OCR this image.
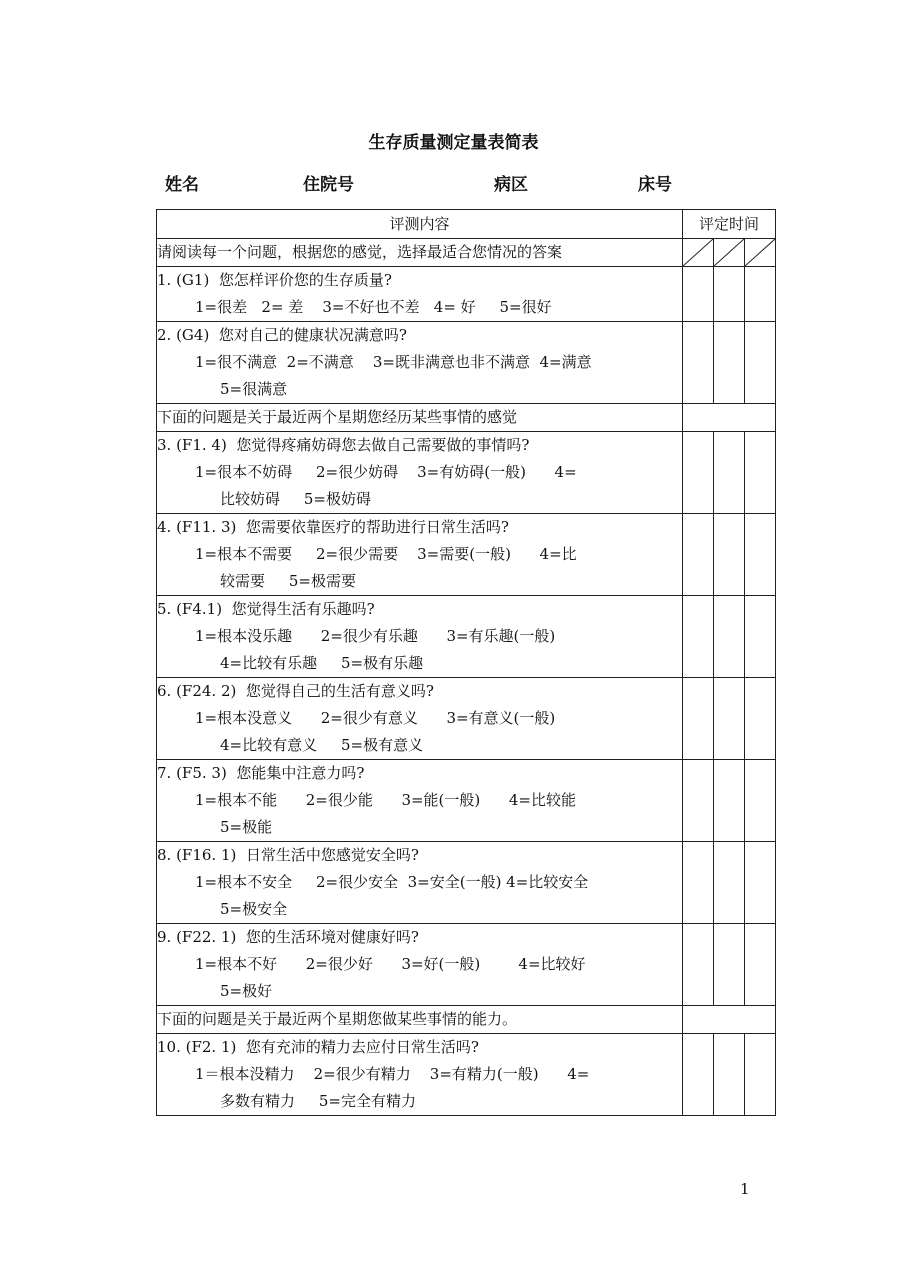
生存质量测定量表简表
姓名	住院号	病区	床号
评测内容	评定时间		
请阅读每一个问题，根据您的感觉，选择最适合您情况的答案	

1. (G1)  您怎样评价您的生存质量?
1=很差   2= 差    3=不好也不差   4= 好     5=很好			

2. (G4)  您对自己的健康状况满意吗?
1=很不满意  2=不满意    3=既非满意也非不满意  4=满意
5=很满意			

下面的问题是关于最近两个星期您经历某些事情的感觉			

3. (F1. 4)  您觉得疼痛妨碍您去做自己需要做的事情吗?
1=很本不妨碍     2=很少妨碍    3=有妨碍(一般)      4=
比较妨碍     5=极妨碍			

4. (F11. 3)  您需要依靠医疗的帮助进行日常生活吗?
1=根本不需要     2=很少需要    3=需要(一般)      4=比
较需要     5=极需要			

5. (F4.1)  您觉得生活有乐趣吗?
1=根本没乐趣      2=很少有乐趣      3=有乐趣(一般)
4=比较有乐趣     5=极有乐趣			

6. (F24. 2)  您觉得自己的生活有意义吗?
1=根本没意义      2=很少有意义      3=有意义(一般)
4=比较有意义     5=极有意义			

7. (F5. 3)  您能集中注意力吗?
1=根本不能      2=很少能      3=能(一般)      4=比较能
5=极能			

8. (F16. 1)  日常生活中您感觉安全吗?
1=根本不安全     2=很少安全  3=安全(一般) 4=比较安全
5=极安全			

9. (F22. 1)  您的生活环境对健康好吗?
1=根本不好      2=很少好      3=好(一般)        4=比较好
5=极好			

下面的问题是关于最近两个星期您做某些事情的能力。			

10. (F2. 1)  您有充沛的精力去应付日常生活吗?
1＝根本没精力    2=很少有精力    3=有精力(一般)      4=
多数有精力     5=完全有精力			

1
